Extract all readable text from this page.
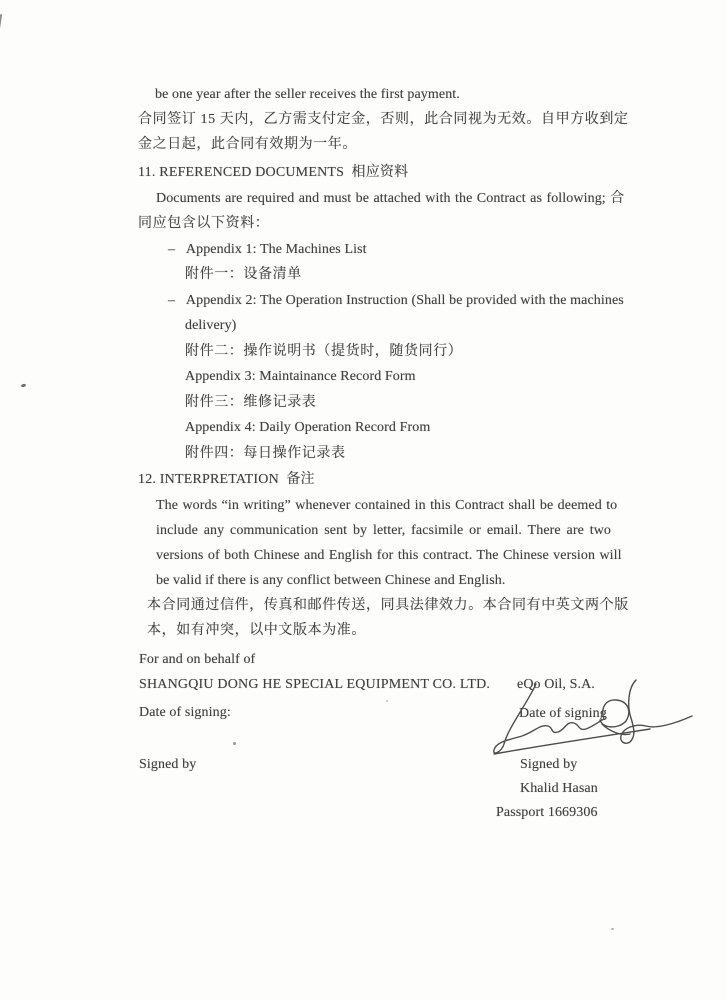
be one year after the seller receives the first payment.
合同签订 15 天内，乙方需支付定金，否则，此合同视为无效。自甲方收到定
金之日起，此合同有效期为一年。
11. REFERENCED DOCUMENTS  相应资料
Documents are required and must be attached with the Contract as following; 合
同应包含以下资料：
–   Appendix 1: The Machines List
附件一：设备清单
–   Appendix 2: The Operation Instruction (Shall be provided with the machines
delivery)
附件二：操作说明书（提货时，随货同行）
Appendix 3: Maintainance Record Form
附件三：维修记录表
Appendix 4: Daily Operation Record From
附件四：每日操作记录表
12. INTERPRETATION  备注
The words “in writing” whenever contained in this Contract shall be deemed to
include any communication sent by letter, facsimile or email. There are two
versions of both Chinese and English for this contract. The Chinese version will
be valid if there is any conflict between Chinese and English.
本合同通过信件，传真和邮件传送，同具法律效力。本合同有中英文两个版
本，如有冲突，以中文版本为准。
For and on behalf of
SHANGQIU DONG HE SPECIAL EQUIPMENT CO. LTD. eQo Oil, S.A.
Date of signing:	Date of signing
Signed by	Signed by
Khalid Hasan
Passport 1669306
